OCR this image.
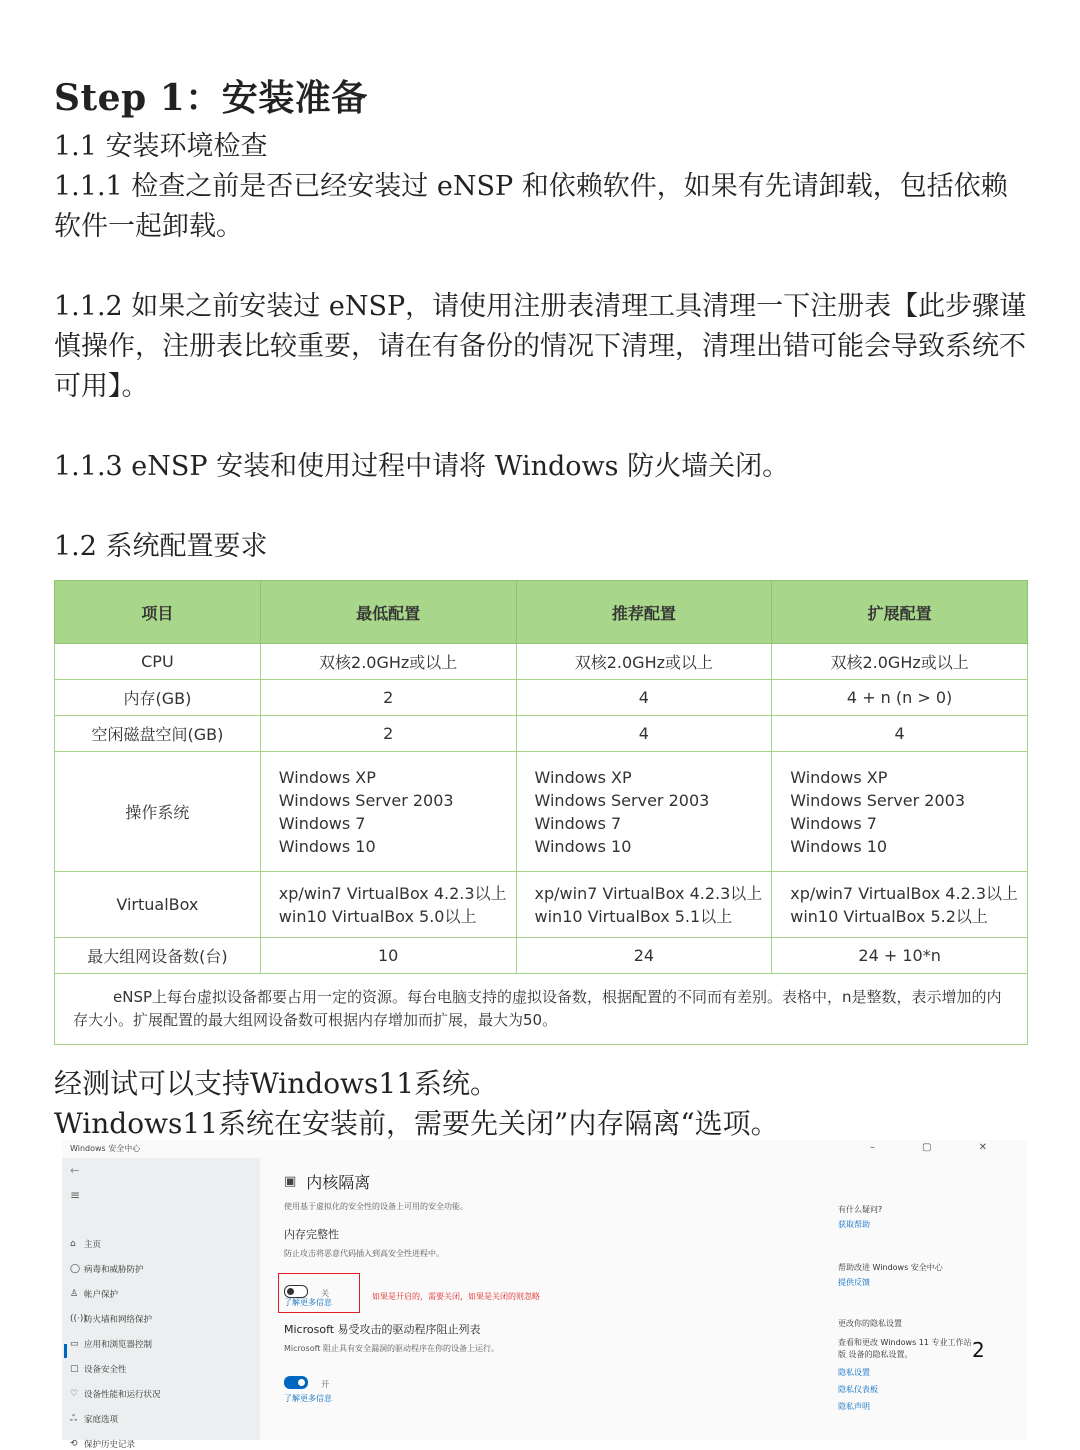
Step 1：安装准备

1.1 安装环境检查

1.1.1 检查之前是否已经安装过 eNSP 和依赖软件，如果有先请卸载，包括依赖软件一起卸载。

1.1.2 如果之前安装过 eNSP，请使用注册表清理工具清理一下注册表【此步骤谨慎操作，注册表比较重要，请在有备份的情况下清理，清理出错可能会导致系统不可用】。

1.1.3 eNSP 安装和使用过程中请将 Windows 防火墙关闭。

1.2 系统配置要求

项目	最低配置	推荐配置	扩展配置
CPU	双核2.0GHz或以上	双核2.0GHz或以上	双核2.0GHz或以上
内存(GB)	2	4	4 + n (n > 0)
空闲磁盘空间(GB)	2	4	4
操作系统	Windows XP
Windows Server 2003
Windows 7
Windows 10	Windows XP
Windows Server 2003
Windows 7
Windows 10	Windows XP
Windows Server 2003
Windows 7
Windows 10

VirtualBox	xp/win7 VirtualBox 4.2.3以上
win10 VirtualBox 5.0以上	xp/win7 VirtualBox 4.2.3以上
win10 VirtualBox 5.1以上	xp/win7 VirtualBox 4.2.3以上
win10 VirtualBox 5.2以上

最大组网设备数(台)	10	24	24 + 10*n
eNSP上每台虚拟设备都要占用一定的资源。每台电脑支持的虚拟设备数，根据配置的不同而有差别。表格中，n是整数，表示增加的内存大小。扩展配置的最大组网设备数可根据内存增加而扩展，最大为50。			
经测试可以支持Windows11系统。
Windows11系统在安装前，需要先关闭”内存隔离“选项。
Windows 安全中心	– ▢ ✕
←
≡
⌂ 主页
◯ 病毒和威胁防护
♙ 帐户保护
((·))
防火墙和网络保护
▭ 应用和浏览器控制
▢ 设备安全性
♡ 设备性能和运行状况
ஃ 家庭选项
⟲ 保护历史记录
▣ 内核隔离
使用基于虚拟化的安全性的设备上可用的安全功能。
内存完整性
防止攻击将恶意代码插入到高安全性进程中。
关
了解更多信息
如果是开启的，需要关闭，如果是关闭的则忽略
Microsoft 易受攻击的驱动程序阻止列表
Microsoft 阻止具有安全漏洞的驱动程序在你的设备上运行。
开
了解更多信息
有什么疑问?
获取帮助
帮助改进 Windows 安全中心
提供反馈
更改你的隐私设置
查看和更改 Windows 11 专业工作站版 设备的隐私设置。
隐私设置
隐私仪表板
隐私声明
2
